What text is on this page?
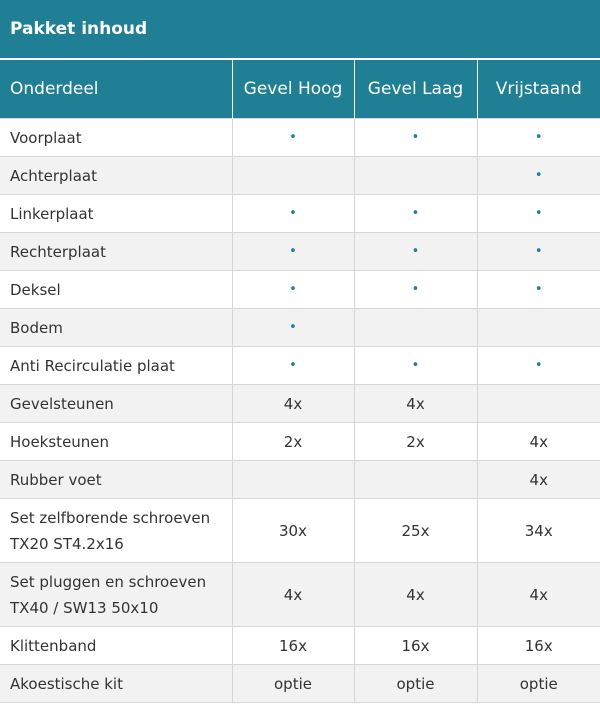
Pakket inhoud
Onderdeel	Gevel Hoog	Gevel Laag	Vrijstaand
Voorplaat	•	•	•
Achterplaat			•
Linkerplaat	•	•	•
Rechterplaat	•	•	•
Deksel	•	•	•
Bodem	•		
Anti Recirculatie plaat	•	•	•
Gevelsteunen	4x	4x	
Hoeksteunen	2x	2x	4x
Rubber voet			4x

Set zelfborende schroeven
TX20 ST4.2x16	30x	25x	34x

Set pluggen en schroeven
TX40 / SW13 50x10	4x	4x	4x
Klittenband	16x	16x	16x
Akoestische kit	optie	optie	optie
